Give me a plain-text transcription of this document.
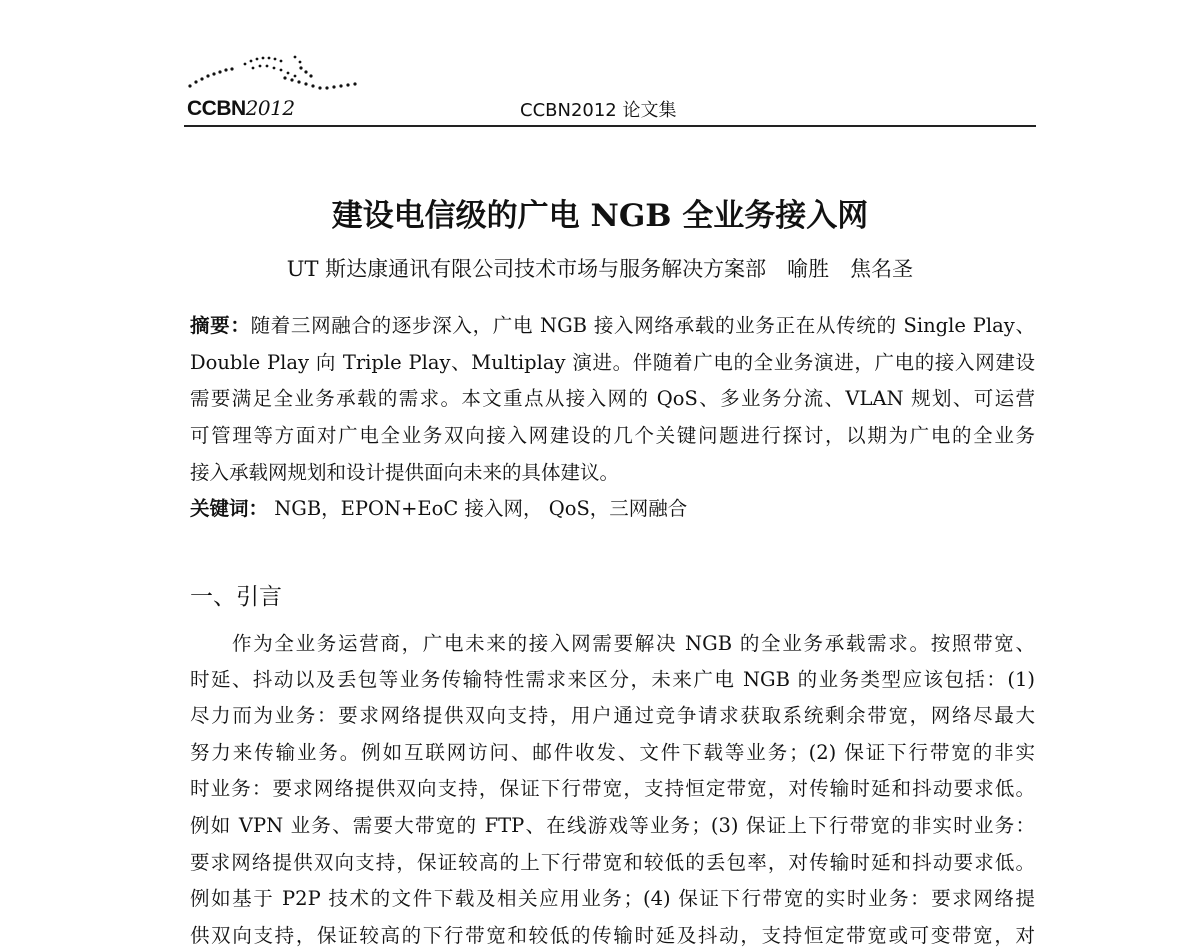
CCBN2012	CCBN2012 论文集
建设电信级的广电 NGB 全业务接入网
UT 斯达康通讯有限公司技术市场与服务解决方案部　喻胜　焦名圣
摘要：随着三网融合的逐步深入，广电 NGB 接入网络承载的业务正在从传统的 Single Play、
Double Play 向 Triple Play、Multiplay 演进。伴随着广电的全业务演进，广电的接入网建设
需要满足全业务承载的需求。本文重点从接入网的 QoS、多业务分流、VLAN 规划、可运营
可管理等方面对广电全业务双向接入网建设的几个关键问题进行探讨，以期为广电的全业务
接入承载网规划和设计提供面向未来的具体建议。
关键词： NGB，EPON+EoC 接入网， QoS，三网融合
一、引言
作为全业务运营商，广电未来的接入网需要解决 NGB 的全业务承载需求。按照带宽、
时延、抖动以及丢包等业务传输特性需求来区分，未来广电 NGB 的业务类型应该包括：(1)
尽力而为业务：要求网络提供双向支持，用户通过竞争请求获取系统剩余带宽，网络尽最大
努力来传输业务。例如互联网访问、邮件收发、文件下载等业务；(2) 保证下行带宽的非实
时业务：要求网络提供双向支持，保证下行带宽，支持恒定带宽，对传输时延和抖动要求低。
例如 VPN 业务、需要大带宽的 FTP、在线游戏等业务；(3) 保证上下行带宽的非实时业务：
要求网络提供双向支持，保证较高的上下行带宽和较低的丢包率，对传输时延和抖动要求低。
例如基于 P2P 技术的文件下载及相关应用业务；(4) 保证下行带宽的实时业务：要求网络提
供双向支持，保证较高的下行带宽和较低的传输时延及抖动，支持恒定带宽或可变带宽，对
